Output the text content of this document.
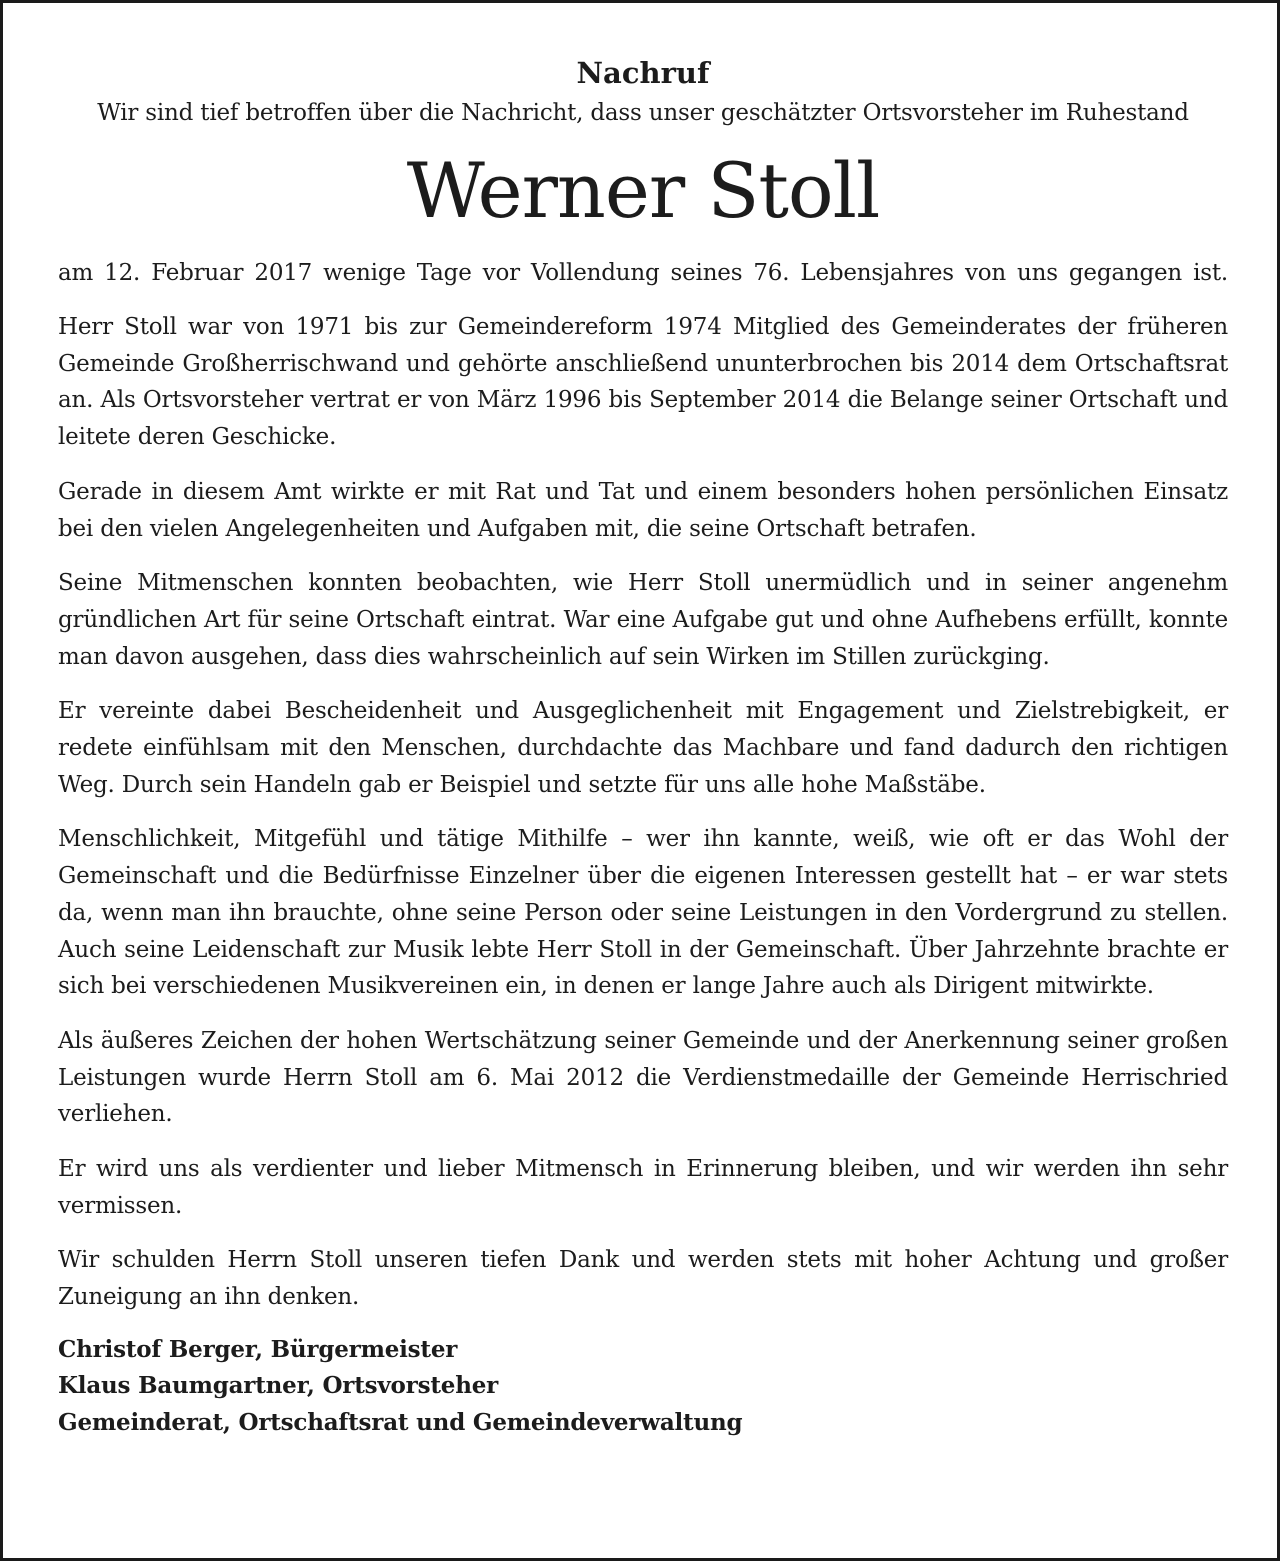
Nachruf

Wir sind tief betroffen über die Nachricht, dass unser geschätzter Ortsvorsteher im Ruhestand

Werner Stoll

am 12. Februar 2017 wenige Tage vor Vollendung seines 76. Lebensjahres von uns gegangen ist.

Herr Stoll war von 1971 bis zur Gemeindereform 1974 Mitglied des Gemeinderates der früheren Gemeinde Großherrischwand und gehörte anschließend ununterbrochen bis 2014 dem Ortschaftsrat an. Als Ortsvorsteher vertrat er von März 1996 bis September 2014 die Belange seiner Ortschaft und leitete deren Geschicke.

Gerade in diesem Amt wirkte er mit Rat und Tat und einem besonders hohen persönlichen Einsatz bei den vielen Angelegenheiten und Aufgaben mit, die seine Ortschaft betrafen.

Seine Mitmenschen konnten beobachten, wie Herr Stoll unermüdlich und in seiner angenehm gründlichen Art für seine Ortschaft eintrat. War eine Aufgabe gut und ohne Aufhebens erfüllt, konnte man davon ausgehen, dass dies wahrscheinlich auf sein Wirken im Stillen zurückging.

Er vereinte dabei Bescheidenheit und Ausgeglichenheit mit Engagement und Zielstrebigkeit, er redete einfühlsam mit den Menschen, durchdachte das Machbare und fand dadurch den richtigen Weg. Durch sein Handeln gab er Beispiel und setzte für uns alle hohe Maßstäbe.

Menschlichkeit, Mitgefühl und tätige Mithilfe – wer ihn kannte, weiß, wie oft er das Wohl der Gemeinschaft und die Bedürfnisse Einzelner über die eigenen Interessen gestellt hat – er war stets da, wenn man ihn brauchte, ohne seine Person oder seine Leistungen in den Vordergrund zu stellen. Auch seine Leidenschaft zur Musik lebte Herr Stoll in der Gemeinschaft. Über Jahrzehnte brachte er sich bei verschiedenen Musikvereinen ein, in denen er lange Jahre auch als Dirigent mitwirkte.

Als äußeres Zeichen der hohen Wertschätzung seiner Gemeinde und der Anerkennung seiner großen Leistungen wurde Herrn Stoll am 6. Mai 2012 die Verdienstmedaille der Gemeinde Herrischried verliehen.

Er wird uns als verdienter und lieber Mitmensch in Erinnerung bleiben, und wir werden ihn sehr vermissen.

Wir schulden Herrn Stoll unseren tiefen Dank und werden stets mit hoher Achtung und großer Zuneigung an ihn denken.

Christof Berger, Bürgermeister

Klaus Baumgartner, Ortsvorsteher

Gemeinderat, Ortschaftsrat und Gemeindeverwaltung
